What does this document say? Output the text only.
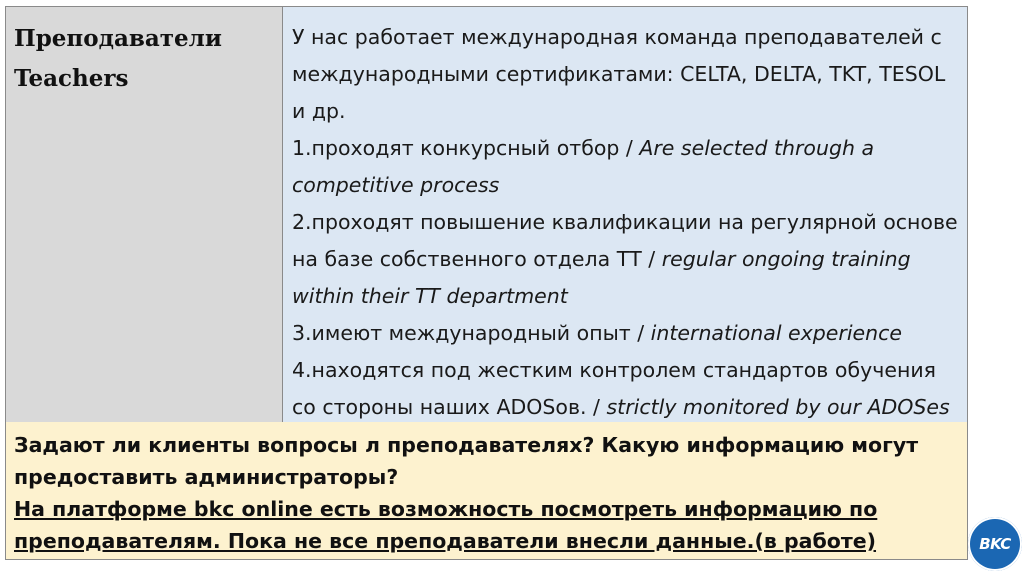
Преподаватели
Teachers

У нас работает международная команда преподавателей с международными сертификатами: CELTA, DELTA, TKT, TESOL и др.

1.проходят конкурсный отбор / Are selected through a competitive process

2.проходят повышение квалификации на регулярной основе на базе собственного отдела ТТ / regular ongoing training within their TT department

3.имеют международный опыт / international experience

4.находятся под жестким контролем стандартов обучения со стороны наших ADOSов. / strictly monitored by our ADOSes

Задают ли клиенты вопросы л преподавателях? Какую информацию могут предоставить администраторы?

На платформе bkc online есть возможность посмотреть информацию по преподавателям. Пока не все преподаватели внесли данные.(в работе)	BKC
